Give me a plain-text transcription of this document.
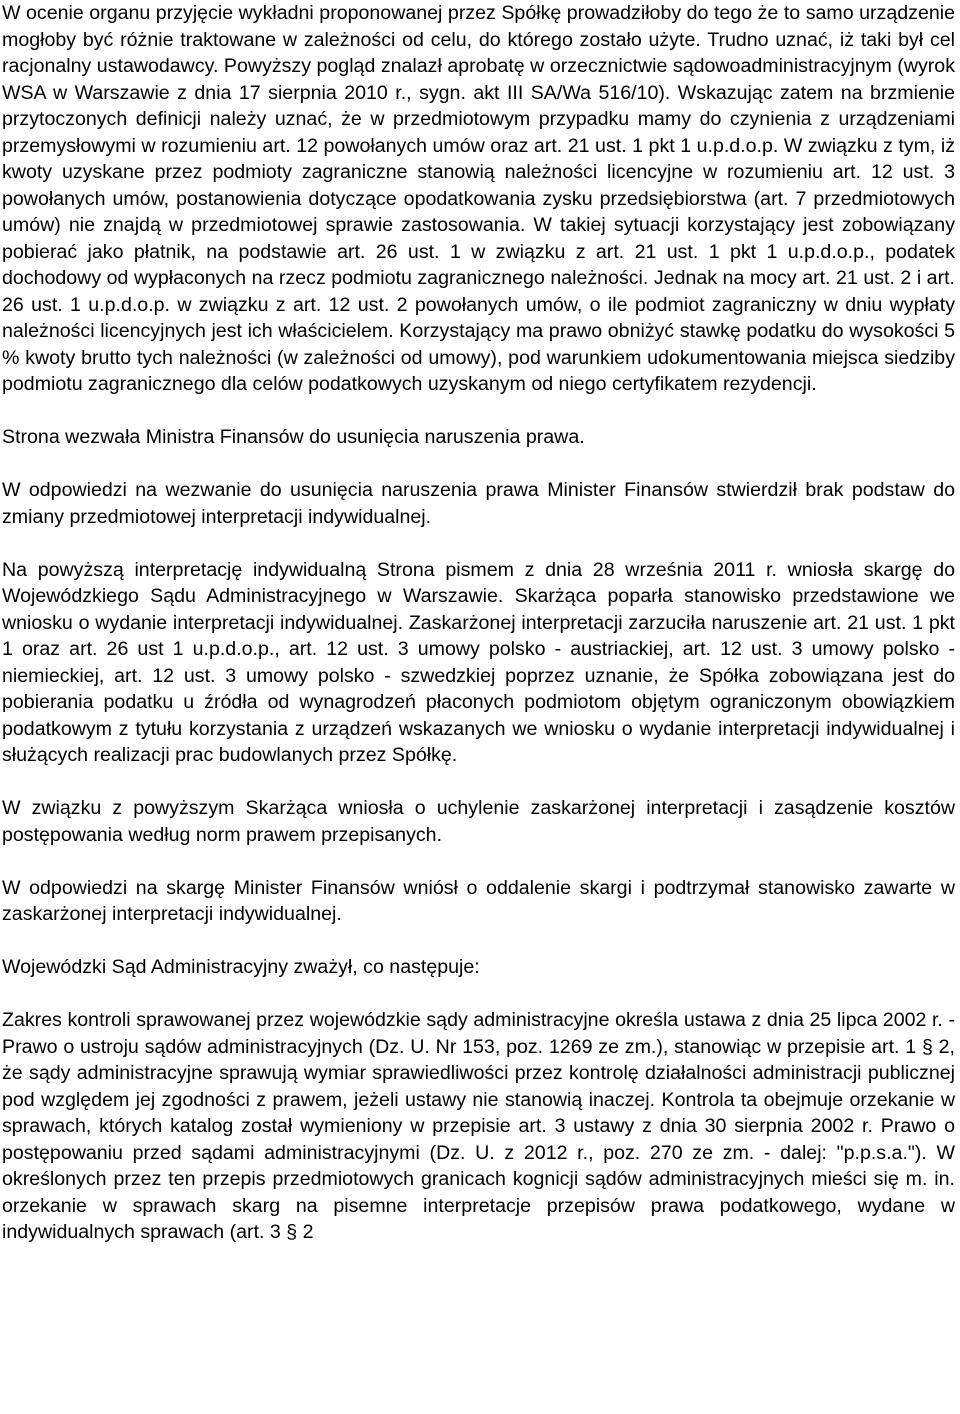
W ocenie organu przyjęcie wykładni proponowanej przez Spółkę prowadziłoby do tego że to samo urządzenie mogłoby być różnie traktowane w zależności od celu, do którego zostało użyte. Trudno uznać, iż taki był cel racjonalny ustawodawcy. Powyższy pogląd znalazł aprobatę w orzecznictwie sądowoadministracyjnym (wyrok WSA w Warszawie z dnia 17 sierpnia 2010 r., sygn. akt III SA/Wa 516/10). Wskazując zatem na brzmienie przytoczonych definicji należy uznać, że w przedmiotowym przypadku mamy do czynienia z urządzeniami przemysłowymi w rozumieniu art. 12 powołanych umów oraz art. 21 ust. 1 pkt 1 u.p.d.o.p. W związku z tym, iż kwoty uzyskane przez podmioty zagraniczne stanowią należności licencyjne w rozumieniu art. 12 ust. 3 powołanych umów, postanowienia dotyczące opodatkowania zysku przedsiębiorstwa (art. 7 przedmiotowych umów) nie znajdą w przedmiotowej sprawie zastosowania. W takiej sytuacji korzystający jest zobowiązany pobierać jako płatnik, na podstawie art. 26 ust. 1 w związku z art. 21 ust. 1 pkt 1 u.p.d.o.p., podatek dochodowy od wypłaconych na rzecz podmiotu zagranicznego należności. Jednak na mocy art. 21 ust. 2 i art. 26 ust. 1 u.p.d.o.p. w związku z art. 12 ust. 2 powołanych umów, o ile podmiot zagraniczny w dniu wypłaty należności licencyjnych jest ich właścicielem. Korzystający ma prawo obniżyć stawkę podatku do wysokości 5 % kwoty brutto tych należności (w zależności od umowy), pod warunkiem udokumentowania miejsca siedziby podmiotu zagranicznego dla celów podatkowych uzyskanym od niego certyfikatem rezydencji.

Strona wezwała Ministra Finansów do usunięcia naruszenia prawa.

W odpowiedzi na wezwanie do usunięcia naruszenia prawa Minister Finansów stwierdził brak podstaw do zmiany przedmiotowej interpretacji indywidualnej.

Na powyższą interpretację indywidualną Strona pismem z dnia 28 września 2011 r. wniosła skargę do Wojewódzkiego Sądu Administracyjnego w Warszawie. Skarżąca poparła stanowisko przedstawione we wniosku o wydanie interpretacji indywidualnej. Zaskarżonej interpretacji zarzuciła naruszenie art. 21 ust. 1 pkt 1 oraz art. 26 ust 1 u.p.d.o.p., art. 12 ust. 3 umowy polsko - austriackiej, art. 12 ust. 3 umowy polsko - niemieckiej, art. 12 ust. 3 umowy polsko - szwedzkiej poprzez uznanie, że Spółka zobowiązana jest do pobierania podatku u źródła od wynagrodzeń płaconych podmiotom objętym ograniczonym obowiązkiem podatkowym z tytułu korzystania z urządzeń wskazanych we wniosku o wydanie interpretacji indywidualnej i służących realizacji prac budowlanych przez Spółkę.

W związku z powyższym Skarżąca wniosła o uchylenie zaskarżonej interpretacji i zasądzenie kosztów postępowania według norm prawem przepisanych.

W odpowiedzi na skargę Minister Finansów wniósł o oddalenie skargi i podtrzymał stanowisko zawarte w zaskarżonej interpretacji indywidualnej.

Wojewódzki Sąd Administracyjny zważył, co następuje:

Zakres kontroli sprawowanej przez wojewódzkie sądy administracyjne określa ustawa z dnia 25 lipca 2002 r. - Prawo o ustroju sądów administracyjnych (Dz. U. Nr 153, poz. 1269 ze zm.), stanowiąc w przepisie art. 1 § 2, że sądy administracyjne sprawują wymiar sprawiedliwości przez kontrolę działalności administracji publicznej pod względem jej zgodności z prawem, jeżeli ustawy nie stanowią inaczej. Kontrola ta obejmuje orzekanie w sprawach, których katalog został wymieniony w przepisie art. 3 ustawy z dnia 30 sierpnia 2002 r. Prawo o postępowaniu przed sądami administracyjnymi (Dz. U. z 2012 r., poz. 270 ze zm. - dalej: "p.p.s.a."). W określonych przez ten przepis przedmiotowych granicach kognicji sądów administracyjnych mieści się m. in. orzekanie w sprawach skarg na pisemne interpretacje przepisów prawa podatkowego, wydane w indywidualnych sprawach (art. 3 § 2
